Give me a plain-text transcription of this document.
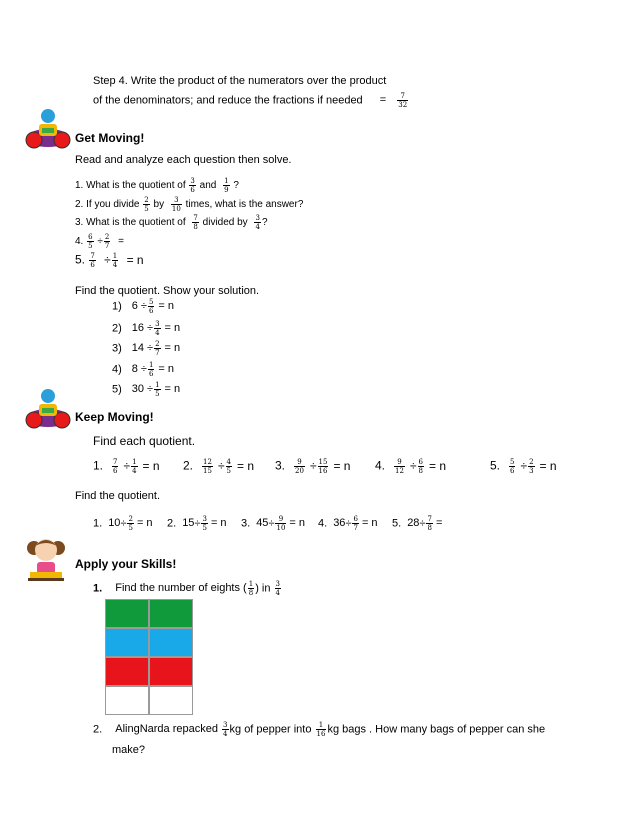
Step 4. Write the product of the numerators over the product
of the denominators; and reduce the fractions if needed = $\frac{7}{32}$
Get Moving!
Read and analyze each question then solve.
1. What is the quotient of $\frac{3}{6}$ and $\frac{1}{9}$ ?
2. If you divide $\frac{2}{5}$ by $\frac{3}{10}$ times, what is the answer?
3. What is the quotient of $\frac{7}{8}$ divided by $\frac{3}{4}$ ?
4. $\frac{6}{5} \div \frac{2}{7}$ =
5. $\frac{7}{6} \div \frac{1}{4} = n$
Find the quotient. Show your solution.
1) $6 \div \frac{5}{6} = n$
2) $16 \div \frac{3}{4} = n$
3) $14 \div \frac{2}{7} = n$
4) $8 \div \frac{1}{6} = n$
5) $30 \div \frac{1}{5} = n$
Keep Moving!
Find each quotient.
1. $\frac{7}{6} \div \frac{1}{4} = n$ 2. $\frac{12}{15} \div \frac{4}{5} = n$ 3. $\frac{9}{20} \div \frac{15}{16} = n$ 4. $\frac{9}{12} \div \frac{6}{8} = n$	5. $\frac{5}{6} \div \frac{2}{3} = n$
Find the quotient.
1. $10\div \frac{2}{5} = n$ 2. $15\div \frac{3}{5} = n$ 3. $45\div \frac{9}{10} = n$ 4. $36\div \frac{6}{7} = n$ 5. $28\div \frac{7}{8}$ =
Apply your Skills!
1. Find the number of eights ( $\frac{1}{8}$ ) in $\frac{3}{4}$
2. AlingNarda repacked $\frac{3}{4}$ kg of pepper into $\frac{1}{16}$ kg bags . How many bags of pepper can she
make?
